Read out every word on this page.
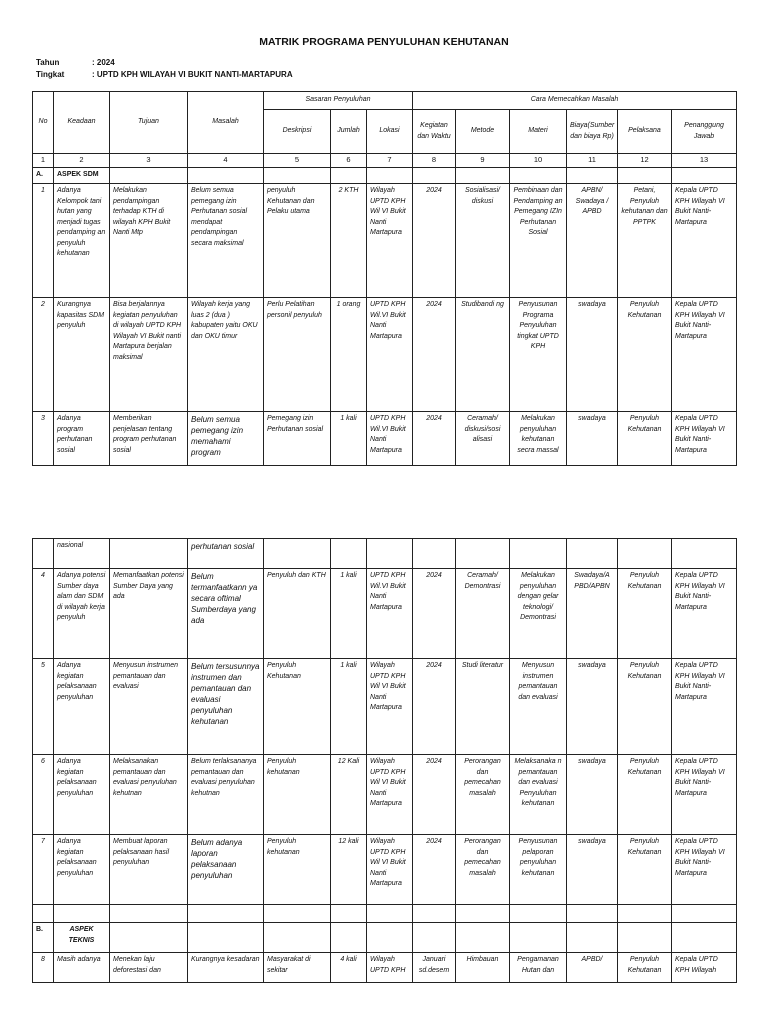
MATRIK PROGRAMA PENYULUHAN KEHUTANAN
Tahun	: 2024
Tingkat	: UPTD KPH WILAYAH VI BUKIT NANTI-MARTAPURA
No	Keadaan	Tujuan	Masalah	Sasaran Penyuluhan			Cara Memecahkan Masalah					
				Deskripsi	Jumlah	Lokasi	Kegiatan dan Waktu	Metode	Materi	Biaya(Sumber dan biaya Rp)	Pelaksana	Penanggung Jawab
1	2	3	4	5	6	7	8	9	10	11	12	13
A.	ASPEK SDM											
1	Adanya Kelompok tani hutan yang menjadi tugas pendamping an penyuluh kehutanan	Melakukan pendampingan terhadap KTH di wilayah KPH Bukit Nanti Mtp	Belum semua pemegang izin Perhutanan sosial mendapat pendampingan secara maksimal	penyuluh Kehutanan dan Pelaku utama	2 KTH	Wilayah UPTD KPH Wil VI Bukit Nanti Martapura	2024	Sosialisasi/ diskusi	Pembinaan dan Pendamping an Pemegang IZIn Perhutanan Sosial	APBN/ Swadaya / APBD	Petani, Penyuluh kehutanan dan PPTPK	Kepala UPTD KPH Wilayah VI Bukit Nanti-Martapura
2	Kurangnya kapasitas SDM penyuluh	Bisa berjalannya kegiatan penyuluhan di wilayah UPTD KPH Wilayah VI Bukit nanti Martapura berjalan maksimal	Wilayah kerja yang luas 2 (dua ) kabupaten yaitu OKU dan OKU timur	Perlu Pelatihan personil penyuluh	1 orang	UPTD KPH Wil.VI Bukit Nanti Martapura	2024	Studibandi ng	Penyusunan Programa Penyuluhan tingkat UPTD KPH	swadaya	Penyuluh Kehutanan	Kepala UPTD KPH Wilayah VI Bukit Nanti-Martapura
3	Adanya program perhutanan sosial	Memberikan penjelasan tentang program perhutanan sosial	Belum semua pemegang izin memahami program	Pemegang izin Perhutanan sosial	1 kali	UPTD KPH Wil.VI Bukit Nanti Martapura	2024	Ceramah/ diskusi/sosi alisasi	Melakukan penyuluhan kehutanan secra massal	swadaya	Penyuluh Kehutanan	Kepala UPTD KPH Wilayah VI Bukit Nanti-Martapura
	nasional		perhutanan sosial									
4	Adanya potensi Sumber daya alam dan SDM di wilayah kerja penyuluh	Memanfaatkan potensi Sumber Daya yang ada	Belum termanfaatkann ya secara oftimal Sumberdaya yang ada	Penyuluh dan KTH	1 kali	UPTD KPH Wil.VI Bukit Nanti Martapura	2024	Ceramah/ Demontrasi	Melakukan penyuluhan dengan gelar teknologi/ Demontrasi	Swadaya/A PBD/APBN	Penyuluh Kehutanan	Kepala UPTD KPH Wilayah VI Bukit Nanti-Martapura
5	Adanya kegiatan pelaksanaan penyuluhan	Menyusun instrumen pemantauan dan evaluasi	Belum tersusunnya instrumen dan pemantauan dan evaluasi penyuluhan kehutanan	Penyuluh Kehutanan	1 kali	Wilayah UPTD KPH Wil VI Bukit Nanti Martapura	2024	Studi literatur	Menyusun instrumen pemantauan dan evaluasi	swadaya	Penyuluh Kehutanan	Kepala UPTD KPH Wilayah VI Bukit Nanti-Martapura
6	Adanya kegiatan pelaksanaan penyuluhan	Melaksanakan pemantauan dan evaluasi penyuluhan kehutnan	Belum terlaksananya pemantauan dan evaluasi penyuluhan kehutnan	Penyuluh kehutanan	12 Kali	Wilayah UPTD KPH Wil VI Bukit Nanti Martapura	2024	Perorangan dan pemecahan masalah	Melaksanaka n pemantauan dan evaluasi Penyuluhan kehutanan	swadaya	Penyuluh Kehutanan	Kepala UPTD KPH Wilayah VI Bukit Nanti-Martapura
7	Adanya kegiatan pelaksanaan penyuluhan	Membuat laporan pelaksanaan hasil penyuluhan	Belum adanya laporan pelaksanaan penyuluhan	Penyuluh kehutanan	12 kali	Wilayah UPTD KPH Wil VI Bukit Nanti Martapura	2024	Perorangan dan pemecahan masalah	Penyusunan pelaporan penyuluhan kehutanan	swadaya	Penyuluh Kehutanan	Kepala UPTD KPH Wilayah VI Bukit Nanti-Martapura

B.	ASPEK TEKNIS											
8	Masih adanya	Menekan laju deforestasi dan	Kurangnya kesadaran	Masyarakat di sekitar	4 kali	Wilayah UPTD KPH	Januari sd.desem	Himbauan	Pengamanan Hutan dan	APBD/	Penyuluh Kehutanan	Kepala UPTD KPH Wilayah
